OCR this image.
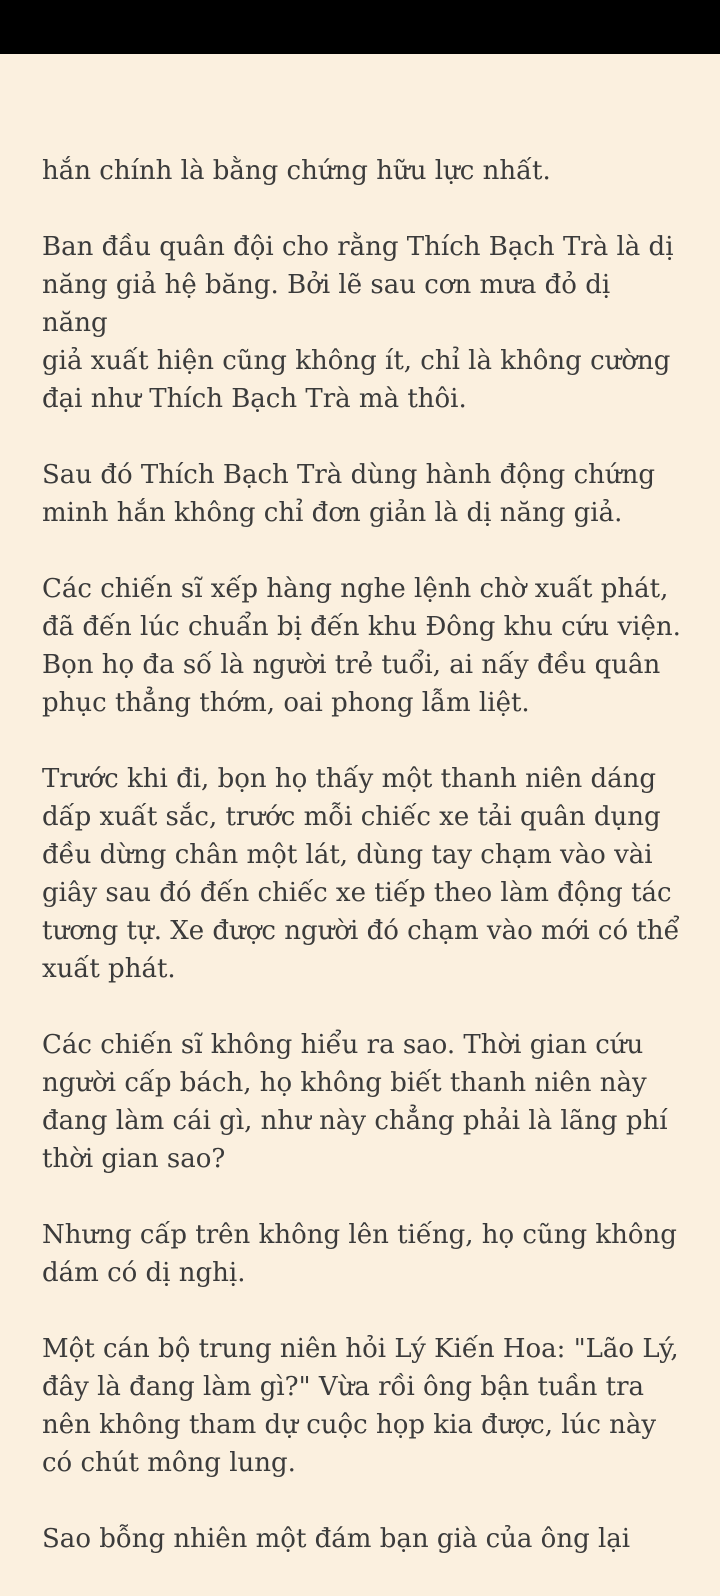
hắn chính là bằng chứng hữu lực nhất.

Ban đầu quân đội cho rằng Thích Bạch Trà là dị
năng giả hệ băng. Bởi lẽ sau cơn mưa đỏ dị năng
giả xuất hiện cũng không ít, chỉ là không cường
đại như Thích Bạch Trà mà thôi.

Sau đó Thích Bạch Trà dùng hành động chứng
minh hắn không chỉ đơn giản là dị năng giả.

Các chiến sĩ xếp hàng nghe lệnh chờ xuất phát,
đã đến lúc chuẩn bị đến khu Đông khu cứu viện.
Bọn họ đa số là người trẻ tuổi, ai nấy đều quân
phục thẳng thớm, oai phong lẫm liệt.

Trước khi đi, bọn họ thấy một thanh niên dáng
dấp xuất sắc, trước mỗi chiếc xe tải quân dụng
đều dừng chân một lát, dùng tay chạm vào vài
giây sau đó đến chiếc xe tiếp theo làm động tác
tương tự. Xe được người đó chạm vào mới có thể
xuất phát.

Các chiến sĩ không hiểu ra sao. Thời gian cứu
người cấp bách, họ không biết thanh niên này
đang làm cái gì, như này chẳng phải là lãng phí
thời gian sao?

Nhưng cấp trên không lên tiếng, họ cũng không
dám có dị nghị.

Một cán bộ trung niên hỏi Lý Kiến Hoa: "Lão Lý,
đây là đang làm gì?" Vừa rồi ông bận tuần tra
nên không tham dự cuộc họp kia được, lúc này
có chút mông lung.

Sao bỗng nhiên một đám bạn già của ông lại
